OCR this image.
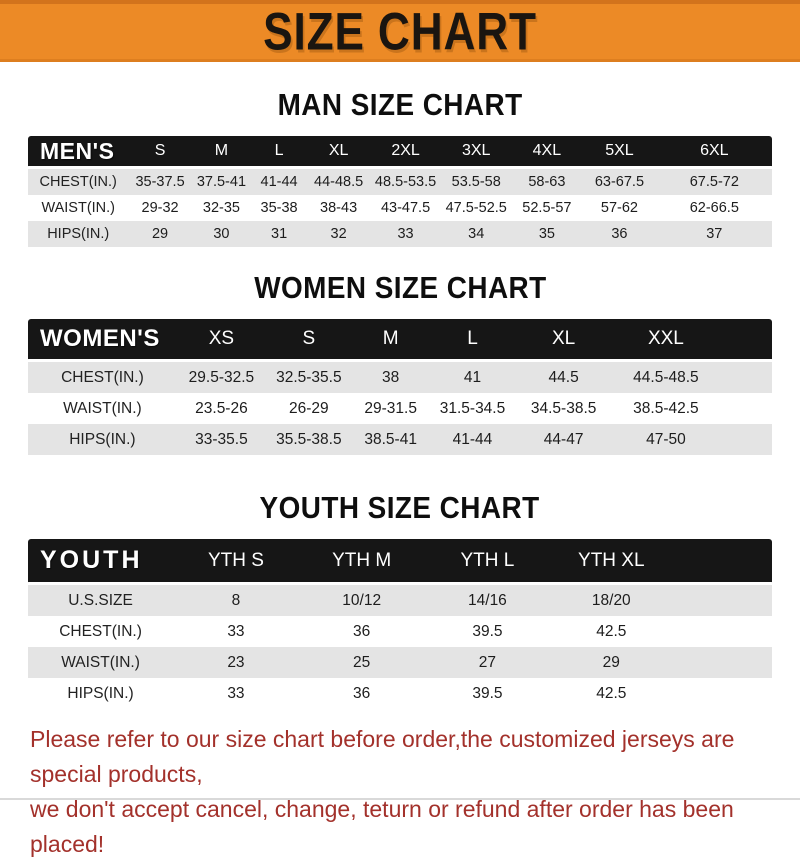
SIZE CHART
MAN SIZE CHART
MEN'S	S	M	L	XL	2XL	3XL	4XL	5XL	6XL
CHEST(IN.)	35-37.5	37.5-41	41-44	44-48.5	48.5-53.5	53.5-58	58-63	63-67.5	67.5-72
WAIST(IN.)	29-32	32-35	35-38	38-43	43-47.5	47.5-52.5	52.5-57	57-62	62-66.5
HIPS(IN.)	29	30	31	32	33	34	35	36	37
WOMEN SIZE CHART
WOMEN'S	XS	S	M	L	XL	XXL	
CHEST(IN.)	29.5-32.5	32.5-35.5	38	41	44.5	44.5-48.5	
WAIST(IN.)	23.5-26	26-29	29-31.5	31.5-34.5	34.5-38.5	38.5-42.5	
HIPS(IN.)	33-35.5	35.5-38.5	38.5-41	41-44	44-47	47-50	
YOUTH SIZE CHART
YOUTH	YTH S	YTH M	YTH L	YTH XL	
U.S.SIZE	8	10/12	14/16	18/20	
CHEST(IN.)	33	36	39.5	42.5	
WAIST(IN.)	23	25	27	29	
HIPS(IN.)	33	36	39.5	42.5	
Please refer to our size chart before order,the customized jerseys are special products,
we don't accept cancel, change, teturn or refund after order has been placed!
